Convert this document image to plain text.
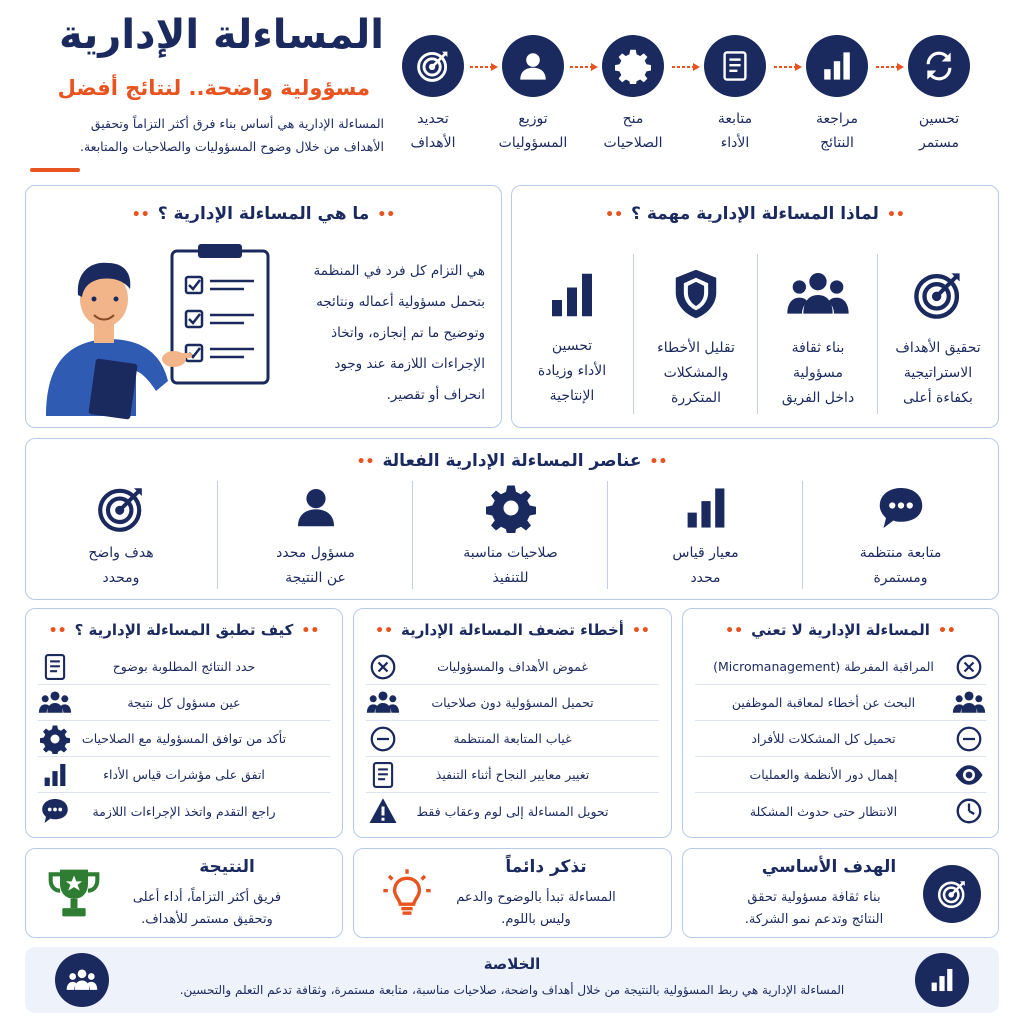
المساءلة الإدارية
مسؤولية واضحة.. لنتائج أفضل
المساءلة الإدارية هي أساس بناء فرق أكثر التزاماً وتحقيق
الأهداف من خلال وضوح المسؤوليات والصلاحيات والمتابعة.
تحديد
الأهداف
توزيع
المسؤوليات
منح
الصلاحيات
متابعة
الأداء
مراجعة
النتائج
تحسين
مستمر
••ما هي المساءلة الإدارية ؟••
هي التزام كل فرد في المنظمة
بتحمل مسؤولية أعماله ونتائجه
وتوضيح ما تم إنجازه، واتخاذ
الإجراءات اللازمة عند وجود
انحراف أو تقصير.
••لماذا المساءلة الإدارية مهمة ؟••
تحقيق الأهداف
الاستراتيجية
بكفاءة أعلى
بناء ثقافة
مسؤولية
داخل الفريق
تقليل الأخطاء
والمشكلات
المتكررة
تحسين
الأداء وزيادة
الإنتاجية
••عناصر المساءلة الإدارية الفعالة••
متابعة منتظمة
ومستمرة
معيار قياس
محدد
صلاحيات مناسبة
للتنفيذ
مسؤول محدد
عن النتيجة
هدف واضح
ومحدد
••المساءلة الإدارية لا تعني••
المراقبة المفرطة (Micromanagement)
البحث عن أخطاء لمعاقبة الموظفين
تحميل كل المشكلات للأفراد
إهمال دور الأنظمة والعمليات
الانتظار حتى حدوث المشكلة
••أخطاء تضعف المساءلة الإدارية••
غموض الأهداف والمسؤوليات
تحميل المسؤولية دون صلاحيات
غياب المتابعة المنتظمة
تغيير معايير النجاح أثناء التنفيذ
تحويل المساءلة إلى لوم وعقاب فقط
••كيف تطبق المساءلة الإدارية ؟••
حدد النتائج المطلوبة بوضوح
عين مسؤول كل نتيجة
تأكد من توافق المسؤولية مع الصلاحيات
اتفق على مؤشرات قياس الأداء
راجع التقدم واتخذ الإجراءات اللازمة
الهدف الأساسي
بناء ثقافة مسؤولية تحقق
النتائج وتدعم نمو الشركة.
تذكر دائماً
المساءلة تبدأ بالوضوح والدعم
وليس باللوم.
النتيجة
فريق أكثر التزاماً، أداء أعلى
وتحقيق مستمر للأهداف.
الخلاصة
المساءلة الإدارية هي ربط المسؤولية بالنتيجة من خلال أهداف واضحة، صلاحيات مناسبة، متابعة مستمرة، وثقافة تدعم التعلم والتحسين.
